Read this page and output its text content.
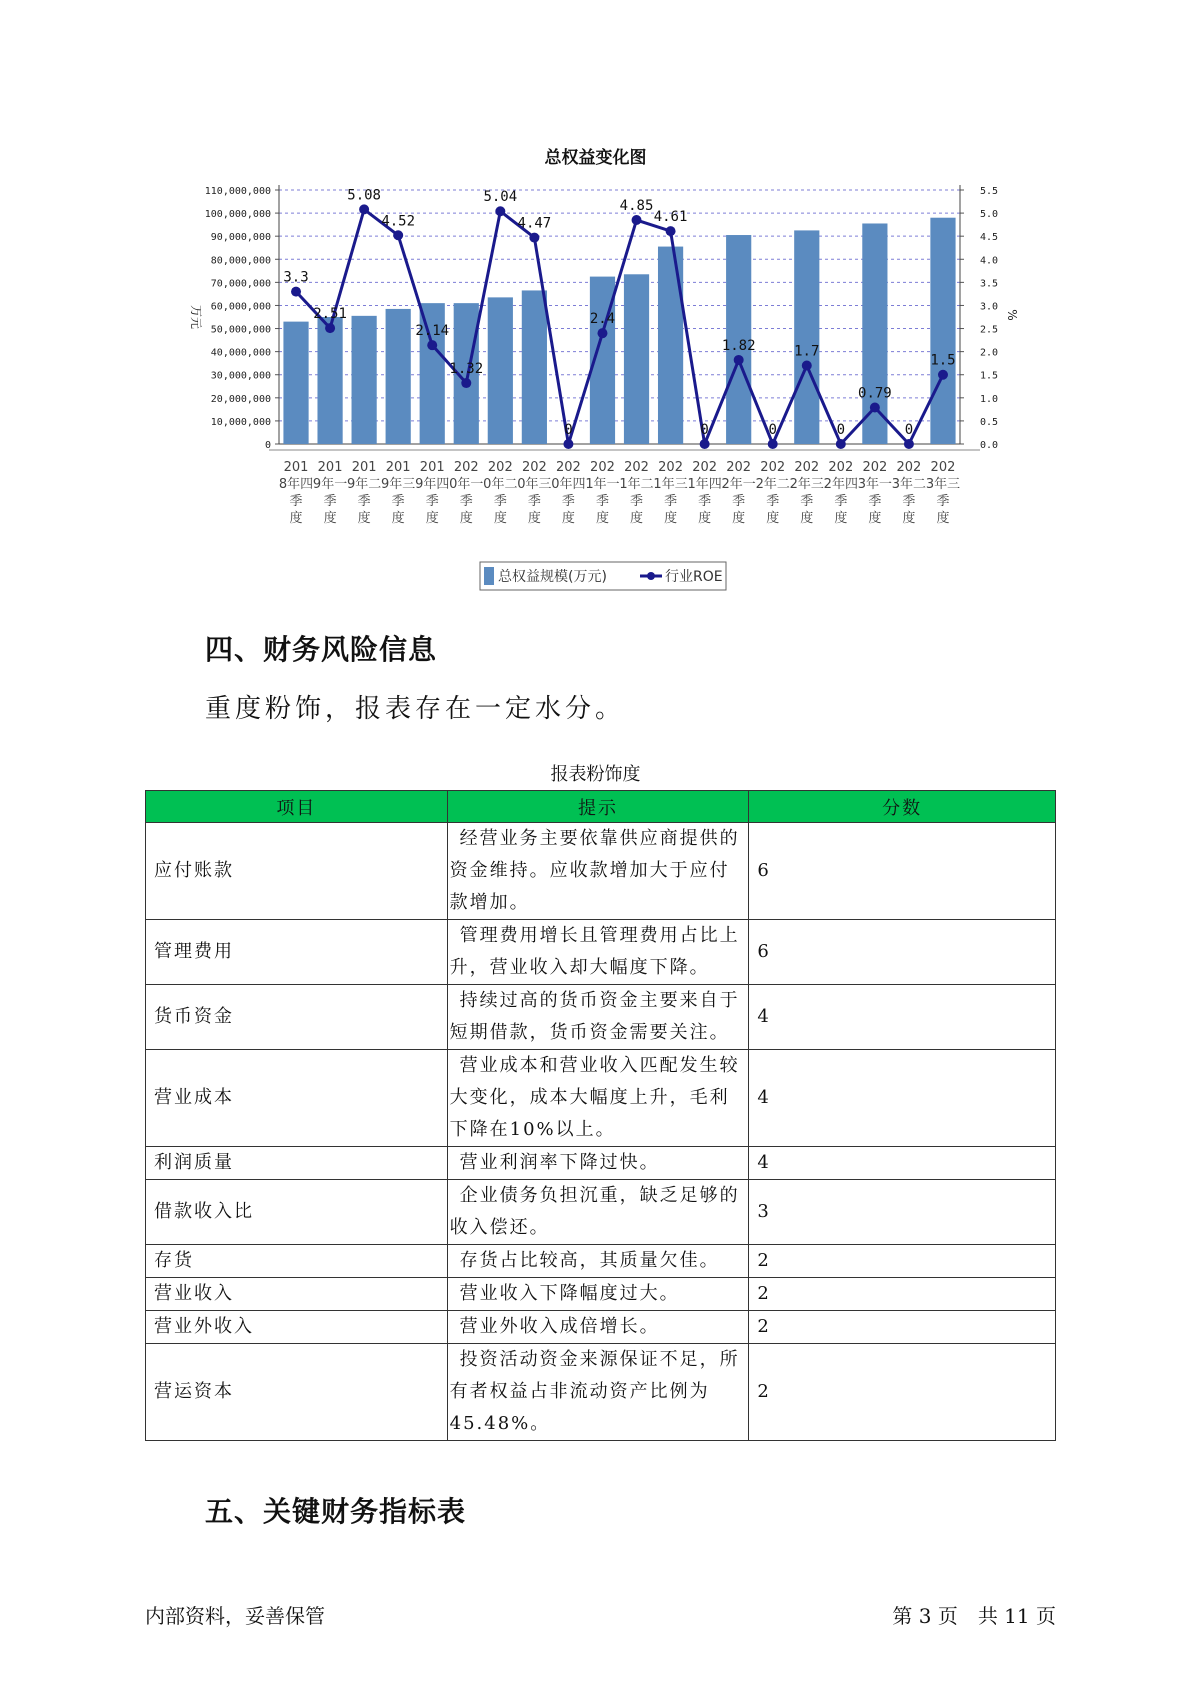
总权益变化图
0
10,000,000
20,000,000
30,000,000
40,000,000
50,000,000
60,000,000
70,000,000
80,000,000
90,000,000
100,000,000
110,000,000
0.0
0.5
1.0
1.5
2.0
2.5
3.0
3.5
4.0
4.5
5.0
5.5
万元	%
3.3
2.51
5.08
4.52
2.14
1.32
5.04
4.47
0
2.4
4.85
4.61
0
1.82
0
1.7
0
0.79
0
1.5
201 8年四季度
201 9年一季度
201 9年二季度
201 9年三季度
201 9年四季度
202 0年一季度
202 0年二季度
202 0年三季度
202 0年四季度
202 1年一季度
202 1年二季度
202 1年三季度
202 1年四季度
202 2年一季度
202 2年二季度
202 2年三季度
202 2年四季度
202 3年一季度
202 3年二季度
202 3年三季度
总权益规模(万元)	行业ROE
四、财务风险信息
重度粉饰，报表存在一定水分。
报表粉饰度
项目	提示	分数
应付账款	经营业务主要依靠供应商提供的资金维持。应收款增加大于应付款增加。	6
管理费用	管理费用增长且管理费用占比上升，营业收入却大幅度下降。	6
货币资金	持续过高的货币资金主要来自于短期借款，货币资金需要关注。	4
营业成本	营业成本和营业收入匹配发生较大变化，成本大幅度上升，毛利下降在10%以上。	4
利润质量	营业利润率下降过快。	4
借款收入比	企业债务负担沉重，缺乏足够的收入偿还。	3
存货	存货占比较高，其质量欠佳。	2
营业收入	营业收入下降幅度过大。	2
营业外收入	营业外收入成倍增长。	2
营运资本	投资活动资金来源保证不足，所有者权益占非流动资产比例为45.48%。	2
五、关键财务指标表
内部资料，妥善保管	第 3 页　共 11 页
